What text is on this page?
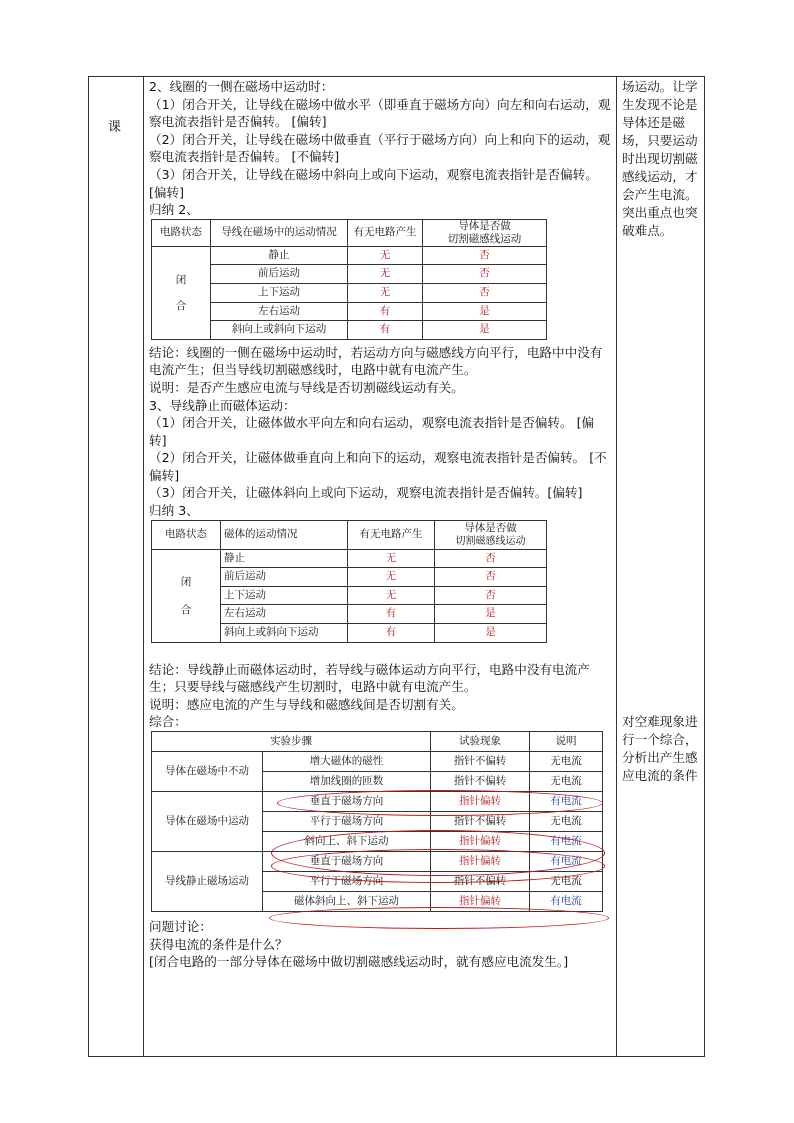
课

2、线圈的一侧在磁场中运动时：

（1）闭合开关，让导线在磁场中做水平（即垂直于磁场方向）向左和向右运动，观察电流表指针是否偏转。 [偏转]

（2）闭合开关，让导线在磁场中做垂直（平行于磁场方向）向上和向下的运动，观察电流表指针是否偏转。 [不偏转]

（3）闭合开关，让导线在磁场中斜向上或向下运动，观察电流表指针是否偏转。 [偏转]

归纳 2、

电路状态	导线在磁场中的运动情况	有无电路产生	导体是否做
切割磁感线运动

闭
合	静止	无	否
	前后运动	无	否
	上下运动	无	否
	左右运动	有	是
	斜向上或斜向下运动	有	是

结论：线圈的一侧在磁场中运动时，若运动方向与磁感线方向平行，电路中中没有电流产生；但当导线切割磁感线时，电路中就有电流产生。

说明：是否产生感应电流与导线是否切割磁线运动有关。

3、导线静止而磁体运动：

（1）闭合开关，让磁体做水平向左和向右运动，观察电流表指针是否偏转。 [偏转]

（2）闭合开关，让磁体做垂直向上和向下的运动，观察电流表指针是否偏转。 [不偏转]

（3）闭合开关，让磁体斜向上或向下运动，观察电流表指针是否偏转。[偏转]

归纳 3、

电路状态	磁体的运动情况	有无电路产生	导体是否做
切割磁感线运动

闭
合	静止	无	否
	前后运动	无	否
	上下运动	无	否
	左右运动	有	是
	斜向上或斜向下运动	有	是

结论：导线静止而磁体运动时，若导线与磁体运动方向平行，电路中没有电流产生；只要导线与磁感线产生切割时，电路中就有电流产生。

说明：感应电流的产生与导线和磁感线间是否切割有关。

综合：

实验步骤		试验现象	说明
导体在磁场中不动	增大磁体的磁性	指针不偏转	无电流
	增加线圈的匝数	指针不偏转	无电流
导体在磁场中运动	垂直于磁场方向	指针偏转	有电流
	平行于磁场方向	指针不偏转	无电流
	斜向上、斜下运动	指针偏转	有电流
导线静止磁场运动	垂直于磁场方向	指针偏转	有电流
	平行于磁场方向	指针不偏转	无电流
	磁体斜向上、斜下运动	指针偏转	有电流

问题讨论：

获得电流的条件是什么？

[闭合电路的一部分导体在磁场中做切割磁感线运动时，就有感应电流发生。]

场运动。让学生发现不论是导体还是磁场，只要运动时出现切割磁感线运动，才会产生电流。突出重点也突破难点。
对空难现象进行一个综合，分析出产生感应电流的条件
